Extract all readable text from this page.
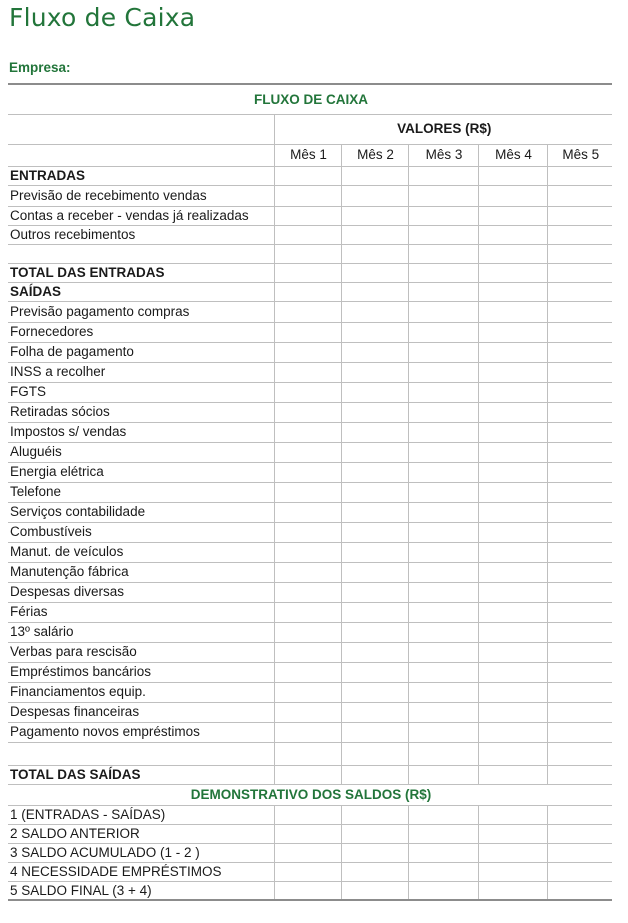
Fluxo de Caixa
Empresa:
FLUXO DE CAIXA					
	VALORES (R$)				
	Mês 1	Mês 2	Mês 3	Mês 4	Mês 5
ENTRADAS					
Previsão de recebimento vendas					
Contas a receber - vendas já realizadas					
Outros recebimentos					

TOTAL DAS ENTRADAS					
SAÍDAS					
Previsão pagamento compras					
Fornecedores					
Folha de pagamento					
INSS a recolher					
FGTS					
Retiradas sócios					
Impostos s/ vendas					
Aluguéis					
Energia elétrica					
Telefone					
Serviços contabilidade					
Combustíveis					
Manut. de veículos					
Manutenção fábrica					
Despesas diversas					
Férias					
13º salário					
Verbas para rescisão					
Empréstimos bancários					
Financiamentos equip.					
Despesas financeiras					
Pagamento novos empréstimos					

TOTAL DAS SAÍDAS					
DEMONSTRATIVO DOS SALDOS (R$)					
1 (ENTRADAS - SAÍDAS)					
2 SALDO ANTERIOR					
3 SALDO ACUMULADO (1 - 2 )					
4 NECESSIDADE EMPRÉSTIMOS					
5 SALDO FINAL (3 + 4)					
